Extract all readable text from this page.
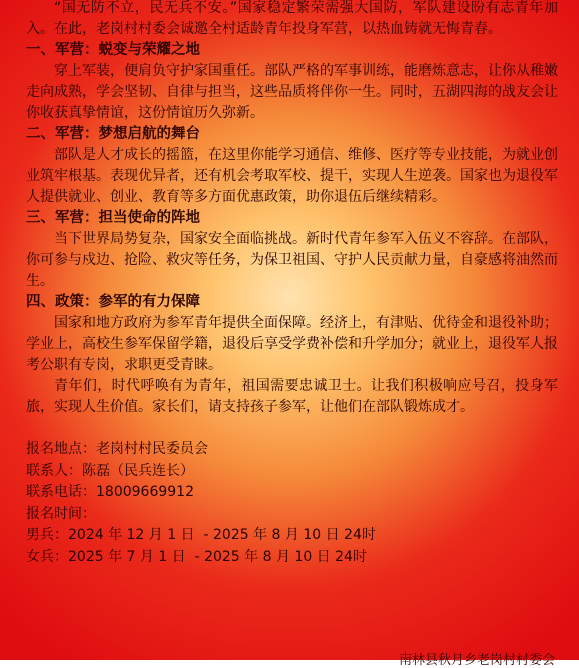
“国无防不立，民无兵不安。”国家稳定繁荣需强大国防，军队建设盼有志青年加入。在此，老岗村村委会诚邀全村适龄青年投身军营，以热血铸就无悔青春。

一、军营：蜕变与荣耀之地

穿上军装，便肩负守护家国重任。部队严格的军事训练，能磨炼意志，让你从稚嫩走向成熟，学会坚韧、自律与担当，这些品质将伴你一生。同时，五湖四海的战友会让你收获真挚情谊，这份情谊历久弥新。

二、军营：梦想启航的舞台

部队是人才成长的摇篮，在这里你能学习通信、维修、医疗等专业技能，为就业创业筑牢根基。表现优异者，还有机会考取军校、提干，实现人生逆袭。国家也为退役军人提供就业、创业、教育等多方面优惠政策，助你退伍后继续精彩。

三、军营：担当使命的阵地

当下世界局势复杂，国家安全面临挑战。新时代青年参军入伍义不容辞。在部队，你可参与戍边、抢险、救灾等任务，为保卫祖国、守护人民贡献力量，自豪感将油然而生。

四、政策：参军的有力保障

国家和地方政府为参军青年提供全面保障。经济上，有津贴、优待金和退役补助；学业上，高校生参军保留学籍，退役后享受学费补偿和升学加分；就业上，退役军人报考公职有专岗，求职更受青睐。

青年们，时代呼唤有为青年，祖国需要忠诚卫士。让我们积极响应号召，投身军旅，实现人生价值。家长们，请支持孩子参军，让他们在部队锻炼成才。

报名地点：老岗村村民委员会
联系人：陈磊（民兵连长）
联系电话：18009669912
报名时间：
男兵：2024 年 12 月 1 日  - 2025 年 8 月 10 日 24时
女兵：2025 年 7 月 1 日  - 2025 年 8 月 10 日 24时
南林县秋月乡老岗村村委会
